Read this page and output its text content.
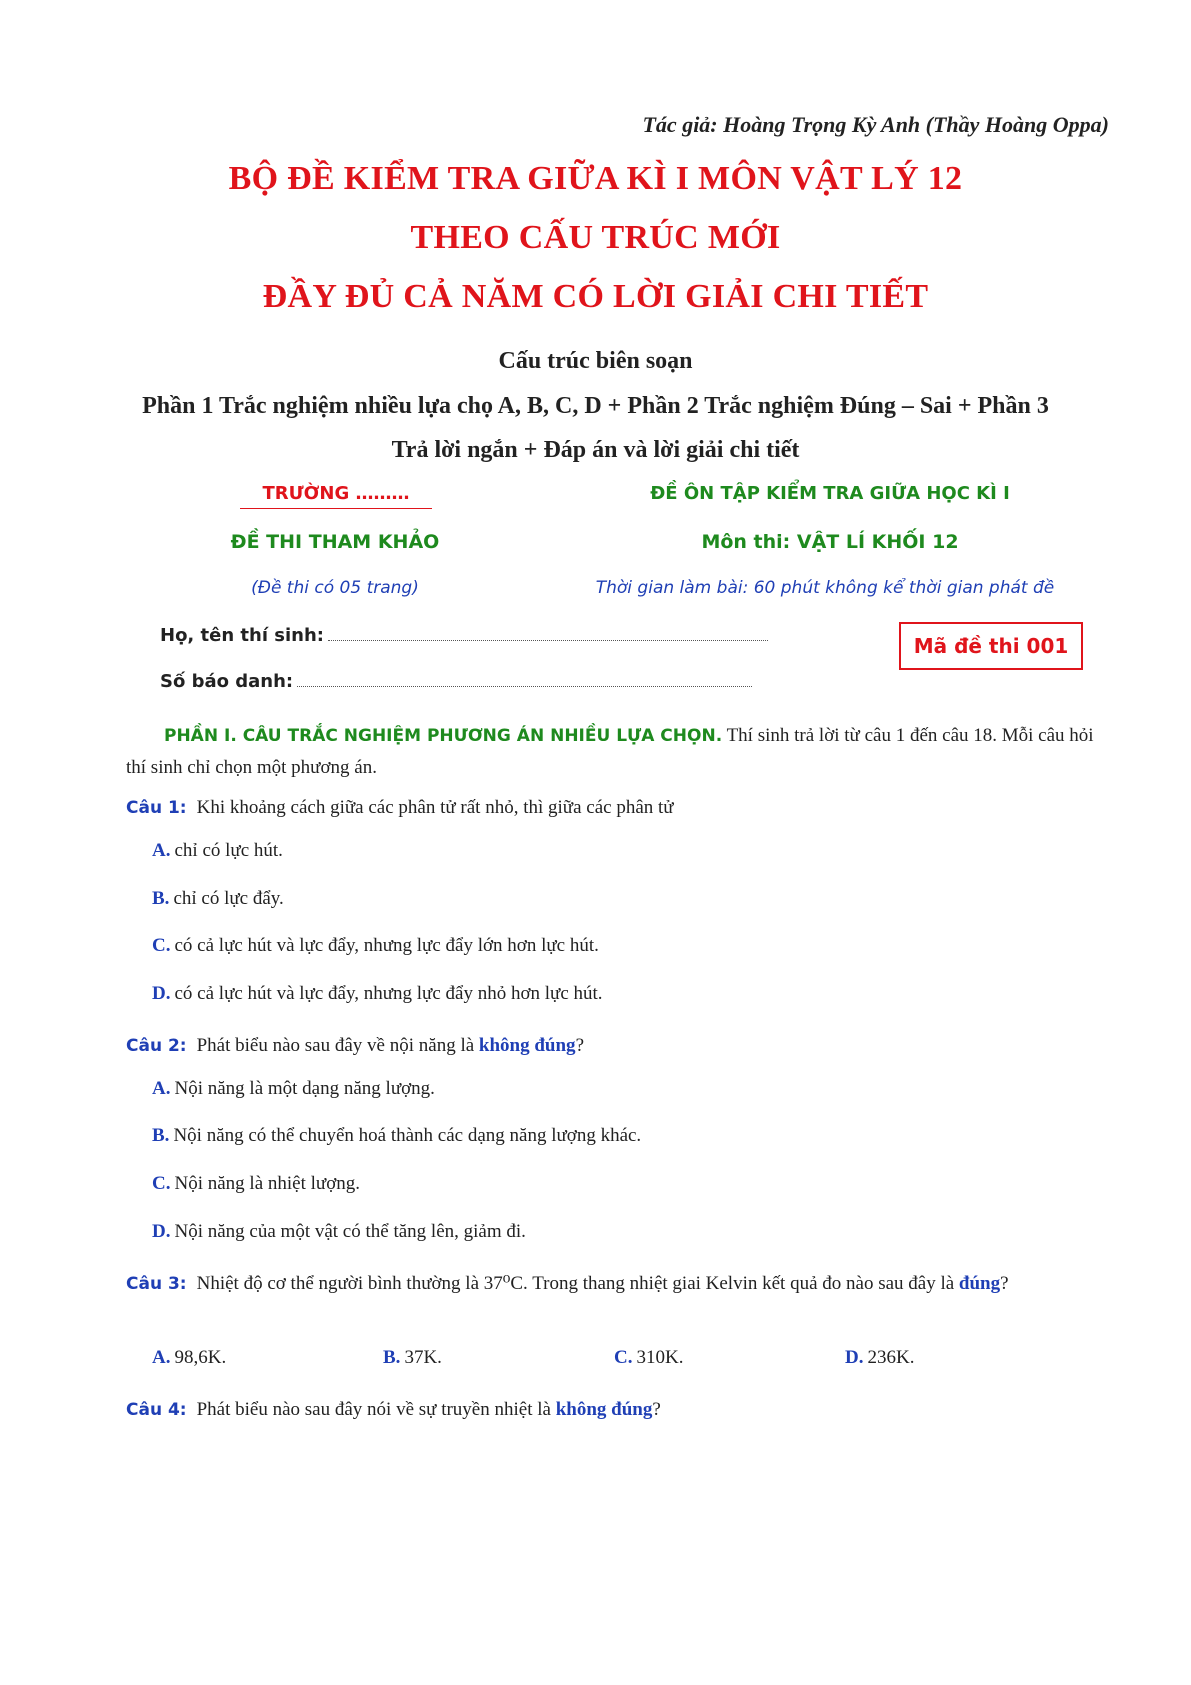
Tác giả: Hoàng Trọng Kỳ Anh (Thầy Hoàng Oppa)
BỘ ĐỀ KIỂM TRA GIỮA KÌ I MÔN VẬT LÝ 12
THEO CẤU TRÚC MỚI
ĐẦY ĐỦ CẢ NĂM CÓ LỜI GIẢI CHI TIẾT
Cấu trúc biên soạn
Phần 1 Trắc nghiệm nhiều lựa chọ A, B, C, D + Phần 2 Trắc nghiệm Đúng – Sai + Phần 3
Trả lời ngắn + Đáp án và lời giải chi tiết
TRƯỜNG ………	ĐỀ ÔN TẬP KIỂM TRA GIỮA HỌC KÌ I
ĐỀ THI THAM KHẢO	Môn thi: VẬT LÍ KHỐI 12
(Đề thi có 05 trang)	Thời gian làm bài: 60 phút không kể thời gian phát đề
Họ, tên thí sinh:
Số báo danh:
Mã đề thi 001
PHẦN I. CÂU TRẮC NGHIỆM PHƯƠNG ÁN NHIỀU LỰA CHỌN. Thí sinh trả lời từ câu 1 đến câu 18. Mỗi câu hỏi thí sinh chỉ chọn một phương án.
Câu 1: Khi khoảng cách giữa các phân tử rất nhỏ, thì giữa các phân tử
A. chỉ có lực hút.
B. chỉ có lực đẩy.
C. có cả lực hút và lực đẩy, nhưng lực đẩy lớn hơn lực hút.
D. có cả lực hút và lực đẩy, nhưng lực đẩy nhỏ hơn lực hút.
Câu 2: Phát biểu nào sau đây về nội năng là không đúng?
A. Nội năng là một dạng năng lượng.
B. Nội năng có thể chuyển hoá thành các dạng năng lượng khác.
C. Nội năng là nhiệt lượng.
D. Nội năng của một vật có thể tăng lên, giảm đi.
Câu 3: Nhiệt độ cơ thể người bình thường là 37⁰C. Trong thang nhiệt giai Kelvin kết quả đo nào sau đây là đúng?
A. 98,6K.	B. 37K.	C. 310K.	D. 236K.
Câu 4: Phát biểu nào sau đây nói về sự truyền nhiệt là không đúng?
